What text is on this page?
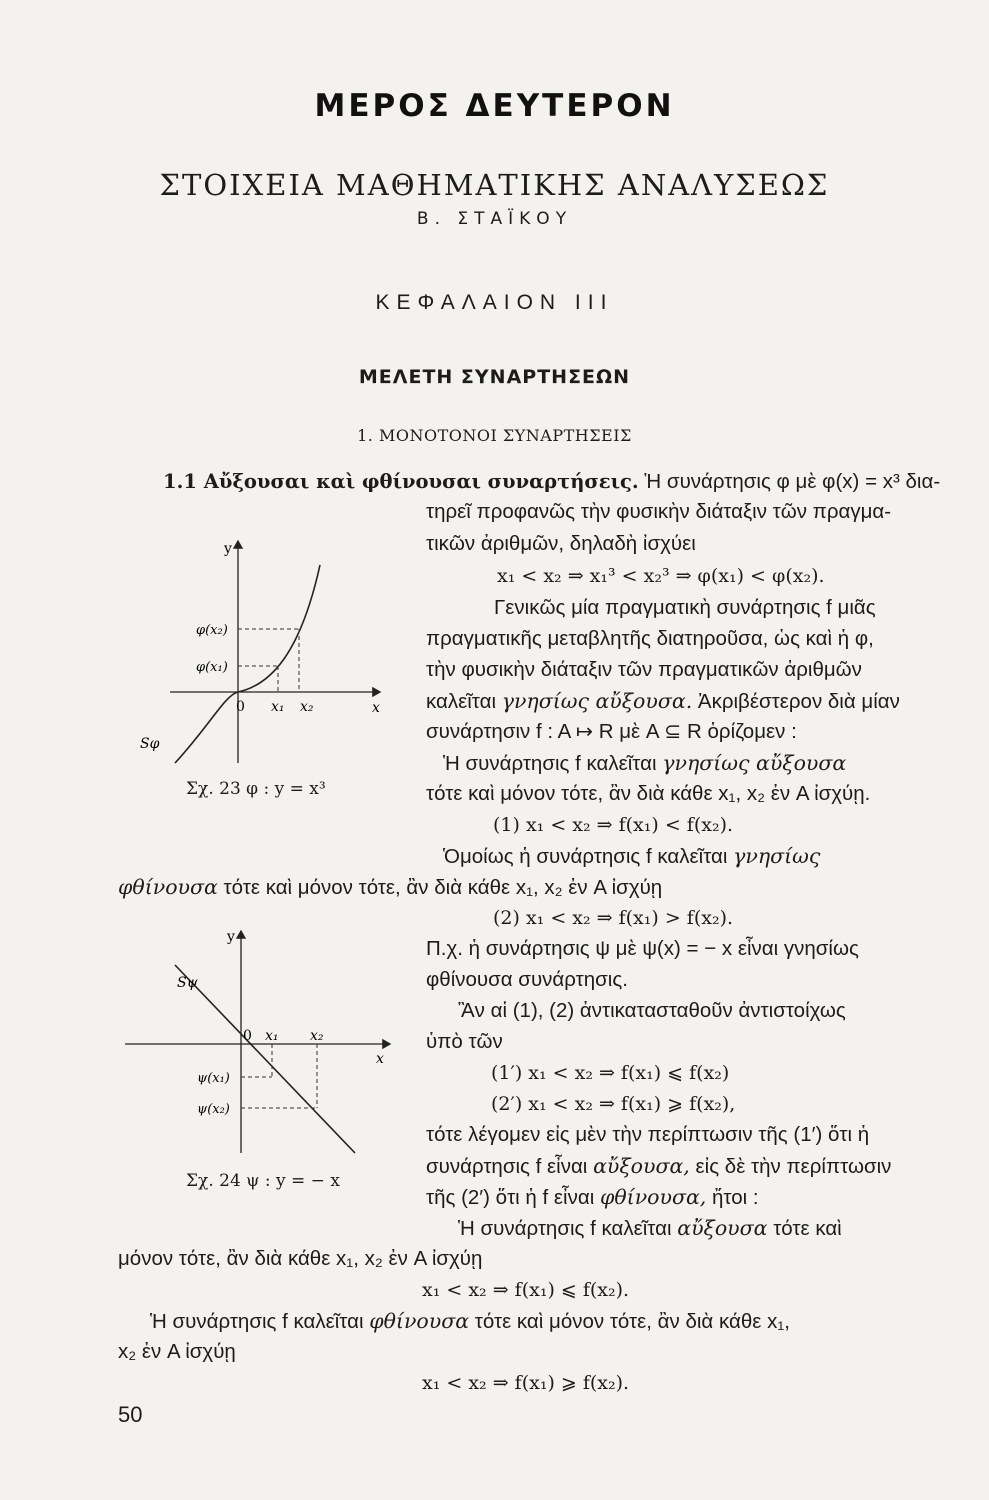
ΜΕΡΟΣ ΔΕΥΤΕΡΟΝ
ΣΤΟΙΧΕΙΑ ΜΑΘΗΜΑΤΙΚΗΣ ΑΝΑΛΥΣΕΩΣ
Β. ΣΤΑΪΚΟΥ
ΚΕΦΑΛΑΙΟΝ III
ΜΕΛΕΤΗ ΣΥΝΑΡΤΗΣΕΩΝ
1. ΜΟΝΟΤΟΝΟΙ ΣΥΝΑΡΤΗΣΕΙΣ
1.1 Αὔξουσαι καὶ φθίνουσαι συναρτήσεις. Ἡ συνάρτησις φ μὲ φ(x) = x³ δια-
τηρεῖ προφανῶς τὴν φυσικὴν διάταξιν τῶν πραγμα-
τικῶν ἀριθμῶν, δηλαδὴ ἰσχύει
x₁ < x₂ ⇒ x₁³ < x₂³ ⇒ φ(x₁) < φ(x₂).
Γενικῶς μία πραγματικὴ συνάρτησις f μιᾶς
πραγματικῆς μεταβλητῆς διατηροῦσα, ὡς καὶ ἡ φ,
τὴν φυσικὴν διάταξιν τῶν πραγματικῶν ἀριθμῶν
καλεῖται γνησίως αὔξουσα. Ἀκριβέστερον διὰ μίαν
συνάρτησιν f : A ↦ R μὲ A ⊆ R ὁρίζομεν :
Ἡ συνάρτησις f καλεῖται γνησίως αὔξουσα
τότε καὶ μόνον τότε, ἂν διὰ κάθε x₁, x₂ ἐν A ἰσχύῃ.
(1) x₁ < x₂ ⇒ f(x₁) < f(x₂).
Ὁμοίως ἡ συνάρτησις f καλεῖται γνησίως
φθίνουσα τότε καὶ μόνον τότε, ἂν διὰ κάθε x₁, x₂ ἐν A ἰσχύῃ
(2) x₁ < x₂ ⇒ f(x₁) > f(x₂).
Π.χ. ἡ συνάρτησις ψ μὲ ψ(x) = − x εἶναι γνησίως
φθίνουσα συνάρτησις.
Ἂν αἱ (1), (2) ἀντικατασταθοῦν ἀντιστοίχως
ὑπὸ τῶν
(1′) x₁ < x₂ ⇒ f(x₁) ⩽ f(x₂)
(2′) x₁ < x₂ ⇒ f(x₁) ⩾ f(x₂),
τότε λέγομεν εἰς μὲν τὴν περίπτωσιν τῆς (1′) ὅτι ἡ
συνάρτησις f εἶναι αὔξουσα, εἰς δὲ τὴν περίπτωσιν
τῆς (2′) ὅτι ἡ f εἶναι φθίνουσα, ἤτοι :
Ἡ συνάρτησις f καλεῖται αὔξουσα τότε καὶ
μόνον τότε, ἂν διὰ κάθε x₁, x₂ ἐν A ἰσχύῃ
x₁ < x₂ ⇒ f(x₁) ⩽ f(x₂).
Ἡ συνάρτησις f καλεῖται φθίνουσα τότε καὶ μόνον τότε, ἂν διὰ κάθε x₁,
x₂ ἐν A ἰσχύῃ
x₁ < x₂ ⇒ f(x₁) ⩾ f(x₂).
y
x
0 x₁ x₂
φ(x₂)
φ(x₁)
Sφ
Σχ. 23 φ : y = x³
y
x
0 x₁ x₂
ψ(x₁)
ψ(x₂)
Sψ
Σχ. 24 ψ : y = − x
50
